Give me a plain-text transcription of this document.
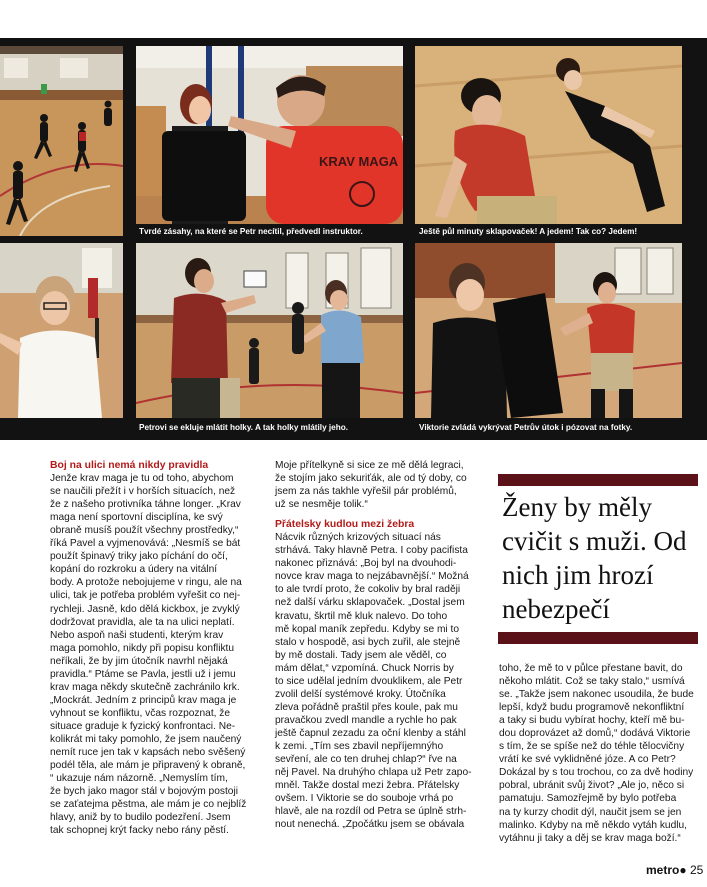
KRAV MAGA
Tvrdé zásahy, na které se Petr necítil, předvedl instruktor.	Ještě půl minuty sklapovaček! A jedem! Tak co? Jedem!
Petrovi se ekluje mlátit holky. A tak holky mlátily jeho.	Viktorie zvládá vykrývat Petrův útok i pózovat na fotky.

Boj na ulici nemá nikdy pravidla

Jenže krav maga je tu od toho, abychom
se naučili přežít i v horších situacích, než
že z našeho protivníka táhne longer. „Krav
maga není sportovní disciplína, ke svý
obraně musíš použít všechny prostředky,“
říká Pavel a vyjmenovává: „Nesmíš se bát
použít špinavý triky jako píchání do očí,
kopání do rozkroku a údery na vitální
body. A protože nebojujeme v ringu, ale na
ulici, tak je potřeba problém vyřešit co nej-
rychleji. Jasně, kdo dělá kickbox, je zvyklý
dodržovat pravidla, ale ta na ulici neplatí.
Nebo aspoň naši studenti, kterým krav
maga pomohlo, nikdy při popisu konfliktu
neříkali, že by jim útočník navrhl nějaká
pravidla.“ Ptáme se Pavla, jestli už i jemu
krav maga někdy skutečně zachránilo krk.
„Mockrát. Jedním z principů krav maga je
vyhnout se konfliktu, včas rozpoznat, že
situace graduje k fyzický konfrontaci. Ne-
kolikrát mi taky pomohlo, že jsem naučený
nemít ruce jen tak v kapsách nebo svěšený
podél těla, ale mám je připravený k obraně,
“ ukazuje nám názorně. „Nemyslím tím,
že bych jako magor stál v bojovým postoji
se zaťatejma pěstma, ale mám je co nejblíž
hlavy, aniž by to budilo podezření. Jsem
tak schopnej krýt facky nebo rány pěstí.
Moje přítelkyně si sice ze mě dělá legraci,
že stojím jako sekuriťák, ale od tý doby, co
jsem za nás takhle vyřešil pár problémů,
už se nesměje tolik.“

Přátelsky kudlou mezi žebra

Nácvik různých krizových situací nás
strhává. Taky hlavně Petra. I coby pacifista
nakonec přiznává: „Boj byl na dvouhodi-
novce krav maga to nejzábavnější.“ Možná
to ale tvrdí proto, že cokoliv by bral raději
než další várku sklapovaček. „Dostal jsem
kravatu, škrtil mě kluk nalevo. Do toho
mě kopal maník zepředu. Kdyby se mi to
stalo v hospodě, asi bych zuřil, ale stejně
by mě dostali. Tady jsem ale věděl, co
mám dělat,“ vzpomíná. Chuck Norris by
to sice udělal jedním dvouklikem, ale Petr
zvolil delší systémové kroky. Útočníka
zleva pořádně praštil přes koule, pak mu
pravačkou zvedl mandle a rychle ho pak
ještě čapnul zezadu za oční klenby a stáhl
k zemi. „Tím ses zbavil nepříjemnýho
sevření, ale co ten druhej chlap?“ řve na
něj Pavel. Na druhýho chlapa už Petr zapo-
mněl. Takže dostal mezi žebra. Přátelsky
ovšem. I Viktorie se do souboje vrhá po
hlavě, ale na rozdíl od Petra se úplně strh-
nout nenechá. „Zpočátku jsem se obávala
Ženy by měly cvičit s muži. Od nich jim hrozí nebezpečí
toho, že mě to v půlce přestane bavit, do
někoho mlátit. Což se taky stalo,“ usmívá
se. „Takže jsem nakonec usoudila, že bude
lepší, když budu programově nekonfliktní
a taky si budu vybírat hochy, kteří mě bu-
dou doprovázet až domů,“ dodává Viktorie
s tím, že se spíše než do téhle tělocvičny
vrátí ke své vyklidněné józe. A co Petr?
Dokázal by s tou trochou, co za dvě hodiny
pobral, ubránit svůj život? „Ale jo, něco si
pamatuju. Samozřejmě by bylo potřeba
na ty kurzy chodit dýl, naučit jsem se jen
malinko. Kdyby na mě někdo vytáh kudlu,
vytáhnu ji taky a děj se krav maga boží.“
metro● 25
